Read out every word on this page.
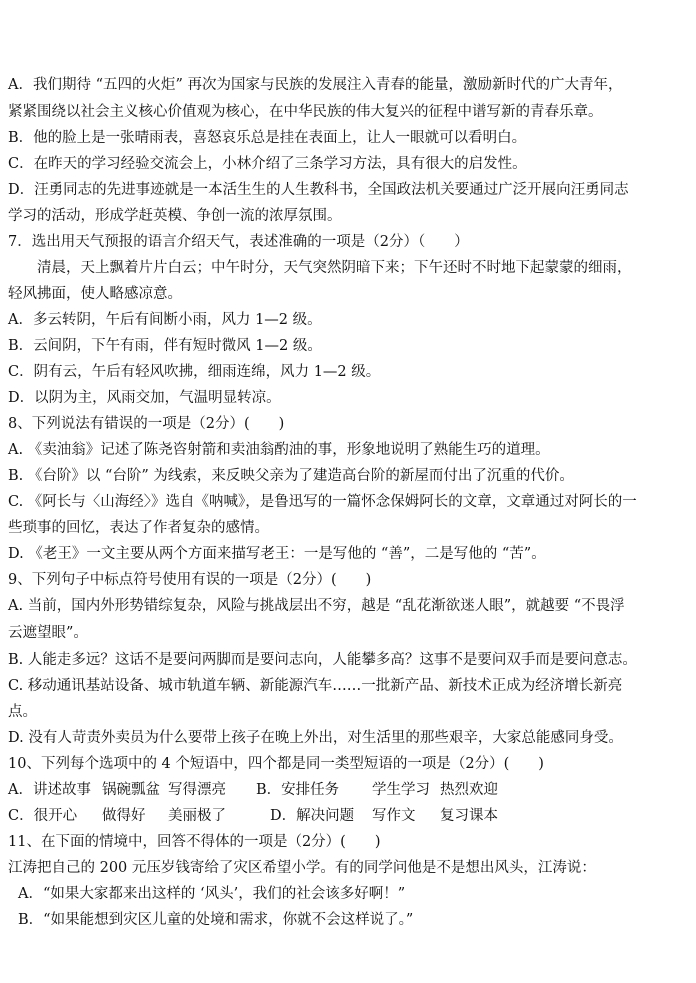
A．我们期待 “五四的火炬” 再次为国家与民族的发展注入青春的能量，激励新时代的广大青年，
紧紧围绕以社会主义核心价值观为核心，在中华民族的伟大复兴的征程中谱写新的青春乐章。
B．他的脸上是一张晴雨表，喜怒哀乐总是挂在表面上，让人一眼就可以看明白。
C．在昨天的学习经验交流会上，小林介绍了三条学习方法，具有很大的启发性。
D．汪勇同志的先进事迹就是一本活生生的人生教科书，全国政法机关要通过广泛开展向汪勇同志
学习的活动，形成学赶英模、争创一流的浓厚氛围。
7．选出用天气预报的语言介绍天气，表述准确的一项是（2分）（　　）
　　清晨，天上飘着片片白云；中午时分，天气突然阴暗下来；下午还时不时地下起蒙蒙的细雨，
轻风拂面，使人略感凉意。
A．多云转阴，午后有间断小雨，风力 1—2 级。
B．云间阴，下午有雨，伴有短时微风 1—2 级。
C．阴有云，午后有轻风吹拂，细雨连绵，风力 1—2 级。
D．以阴为主，风雨交加，气温明显转凉。
8、下列说法有错误的一项是（2分）(　　)
A. 《卖油翁》记述了陈尧咨射箭和卖油翁酌油的事，形象地说明了熟能生巧的道理。
B. 《台阶》以 “台阶” 为线索，来反映父亲为了建造高台阶的新屋而付出了沉重的代价。
C. 《阿长与〈山海经〉》选自《呐喊》，是鲁迅写的一篇怀念保姆阿长的文章，文章通过对阿长的一
些琐事的回忆，表达了作者复杂的感情。
D. 《老王》一文主要从两个方面来描写老王：一是写他的 “善”，二是写他的 “苦”。
9、下列句子中标点符号使用有误的一项是（2分）(　　)
A. 当前，国内外形势错综复杂，风险与挑战层出不穷，越是 “乱花渐欲迷人眼”，就越要 “不畏浮
云遮望眼”。
B. 人能走多远？这话不是要问两脚而是要问志向，人能攀多高？这事不是要问双手而是要问意志。
C. 移动通讯基站设备、城市轨道车辆、新能源汽车……一批新产品、新技术正成为经济增长新亮
点。
D. 没有人苛责外卖员为什么要带上孩子在晚上外出，对生活里的那些艰辛，大家总能感同身受。
10、下列每个选项中的 4 个短语中，四个都是同一类型短语的一项是（2分）(　　)
A．讲述故事 锅碗瓢盆 写得漂亮 B．安排任务 学生学习 热烈欢迎
C．很开心 做得好 美丽极了	D．解决问题 写作文 复习课本
11、在下面的情境中，回答不得体的一项是（2分）(　　)
江涛把自己的 200 元压岁钱寄给了灾区希望小学。有的同学问他是不是想出风头，江涛说：
A．“如果大家都来出这样的 ‘风头’，我们的社会该多好啊！”
B．“如果能想到灾区儿童的处境和需求，你就不会这样说了。”
